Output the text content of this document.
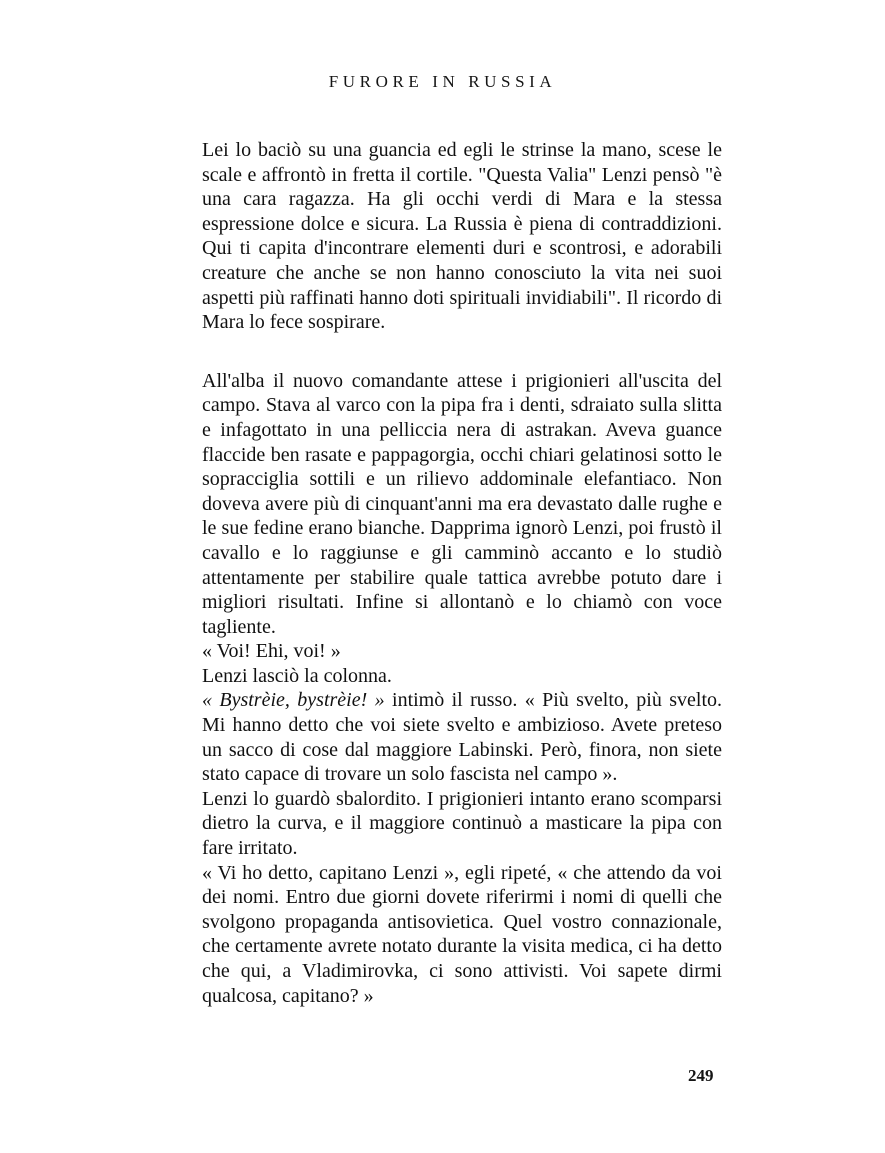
FURORE IN RUSSIA

Lei lo baciò su una guancia ed egli le strinse la mano, scese le scale e affrontò in fretta il cortile. "Questa Valia" Lenzi pensò "è una cara ragazza. Ha gli occhi verdi di Mara e la stessa espressione dolce e sicura. La Russia è piena di contraddizioni. Qui ti capita d'incontrare elementi duri e scontrosi, e adorabili creature che anche se non hanno conosciuto la vita nei suoi aspetti più raffinati hanno doti spirituali invidiabili". Il ricordo di Mara lo fece sospirare.

All'alba il nuovo comandante attese i prigionieri all'uscita del campo. Stava al varco con la pipa fra i denti, sdraiato sulla slitta e infagottato in una pelliccia nera di astrakan. Aveva guance flaccide ben rasate e pappagorgia, occhi chiari gelatinosi sotto le sopracciglia sottili e un rilievo addominale elefantiaco. Non doveva avere più di cinquant'anni ma era devastato dalle rughe e le sue fedine erano bianche. Dapprima ignorò Lenzi, poi frustò il cavallo e lo raggiunse e gli camminò accanto e lo studiò attentamente per stabilire quale tattica avrebbe potuto dare i migliori risultati. Infine si allontanò e lo chiamò con voce tagliente.

« Voi! Ehi, voi! »

Lenzi lasciò la colonna.

« Bystrèie, bystrèie! » intimò il russo. « Più svelto, più svelto. Mi hanno detto che voi siete svelto e ambizioso. Avete preteso un sacco di cose dal maggiore Labinski. Però, finora, non siete stato capace di trovare un solo fascista nel campo ».

Lenzi lo guardò sbalordito. I prigionieri intanto erano scomparsi dietro la curva, e il maggiore continuò a masticare la pipa con fare irritato.

« Vi ho detto, capitano Lenzi », egli ripeté, « che attendo da voi dei nomi. Entro due giorni dovete riferirmi i nomi di quelli che svolgono propaganda antisovietica. Quel vostro connazionale, che certamente avrete notato durante la visita medica, ci ha detto che qui, a Vladimirovka, ci sono attivisti. Voi sapete dirmi qualcosa, capitano? »

249
